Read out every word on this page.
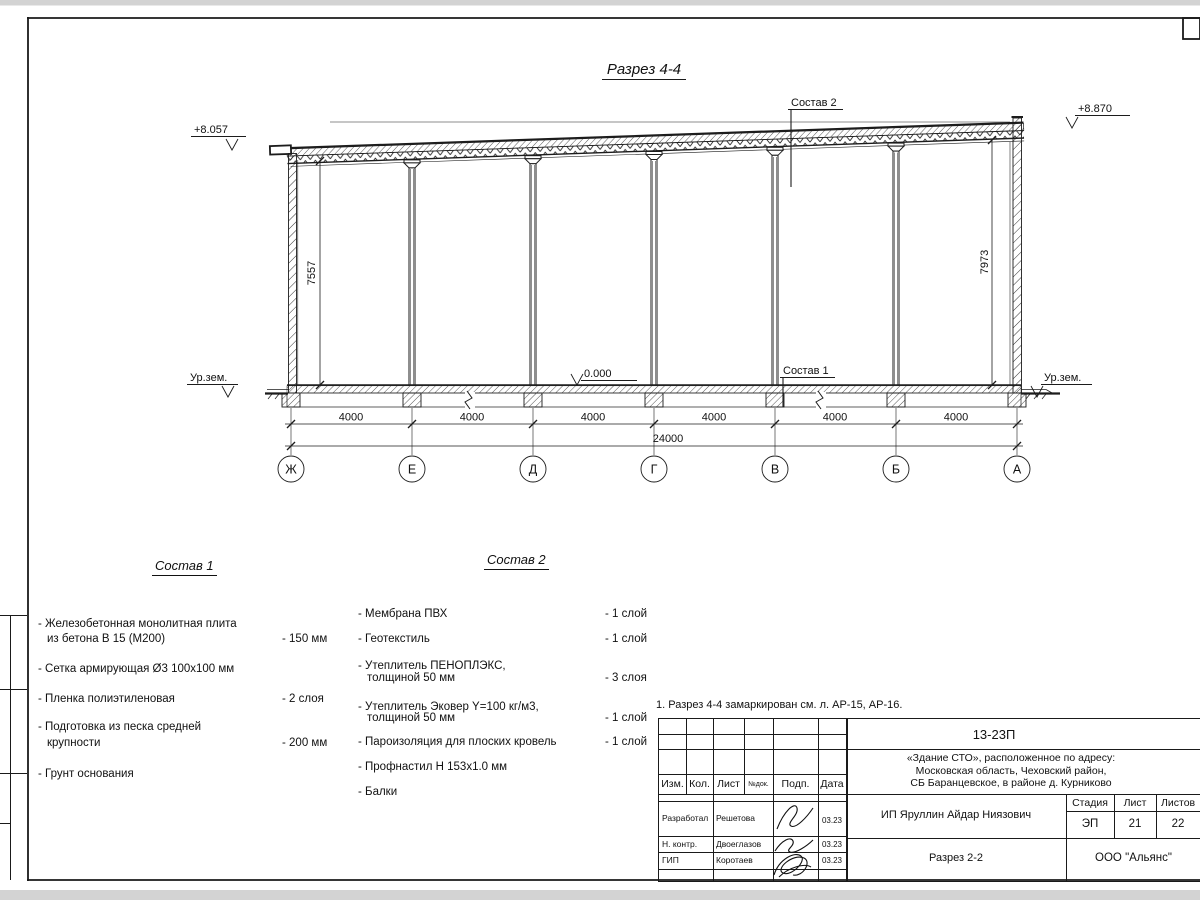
Разрез 4-4
4000	4000	4000	4000	4000	4000
24000
Ж	Е	Д	Г	В	Б	А
7557	7973
+8.057
+8.870
0.000
Ур.зем.	Ур.зем.
Состав 2
Состав 1
1. Разрез 4-4 замаркирован см. л. АР-15, АР-16.
Состав 1
- Железобетонная монолитная плита
из бетона В 15 (М200)	- 150 мм
- Сетка армирующая Ø3 100х100 мм
- Пленка полиэтиленовая	- 2 слоя
- Подготовка из песка средней
крупности	- 200 мм
- Грунт основания
Состав 2
- Мембрана ПВХ	- 1 слой
- Геотекстиль	- 1 слой
- Утеплитель ПЕНОПЛЭКС,
толщиной 50 мм	- 3 слоя
- Утеплитель Эковер Y=100 кг/м3,
толщиной 50 мм	- 1 слой
- Пароизоляция для плоских кровель	- 1 слой
- Профнастил Н 153х1.0 мм
- Балки
Изм. Кол. Лист	№док.	Подп.	Дата
Разработал Решетова	03.23
Н. контр. Двоеглазов	03.23
ГИП	Коротаев	03.23
13-23П
«Здание СТО», расположенное по адресу:
Московская область, Чеховский район,
СБ Баранцевское, в районе д. Курниково
ИП Яруллин Айдар Ниязович
Стадия	Лист	Листов
ЭП	21	22
Разрез 2-2	ООО "Альянс"
